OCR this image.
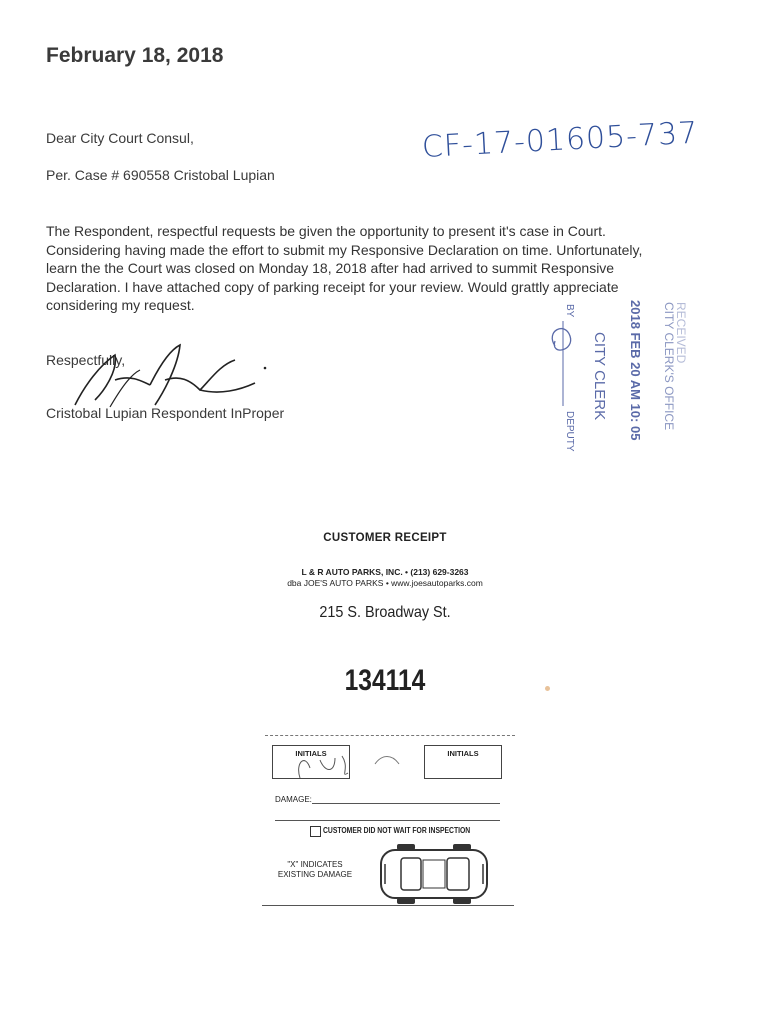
February 18, 2018
Dear City Court Consul,
Per. Case # 690558 Cristobal Lupian
CF-17-01605-737
The Respondent, respectful requests be given the opportunity to present it's case in Court.
Considering having made the effort to submit my Responsive Declaration on time. Unfortunately,
learn the the Court was closed on Monday 18, 2018 after had arrived to summit Responsive
Declaration. I have attached copy of parking receipt for your review. Would grattly appreciate
considering my request.
Respectfully,
Cristobal Lupian Respondent InProper
RECEIVED
CITY CLERK'S OFFICE
2018 FEB 20 AM 10: 05
CITY CLERK
BY
DEPUTY
CUSTOMER RECEIPT
L & R AUTO PARKS, INC. • (213) 629-3263
dba JOE'S AUTO PARKS • www.joesautoparks.com
215 S. Broadway St.
134114
INITIALS	INITIALS
DAMAGE:
CUSTOMER DID NOT WAIT FOR INSPECTION
"X" INDICATES
EXISTING DAMAGE
